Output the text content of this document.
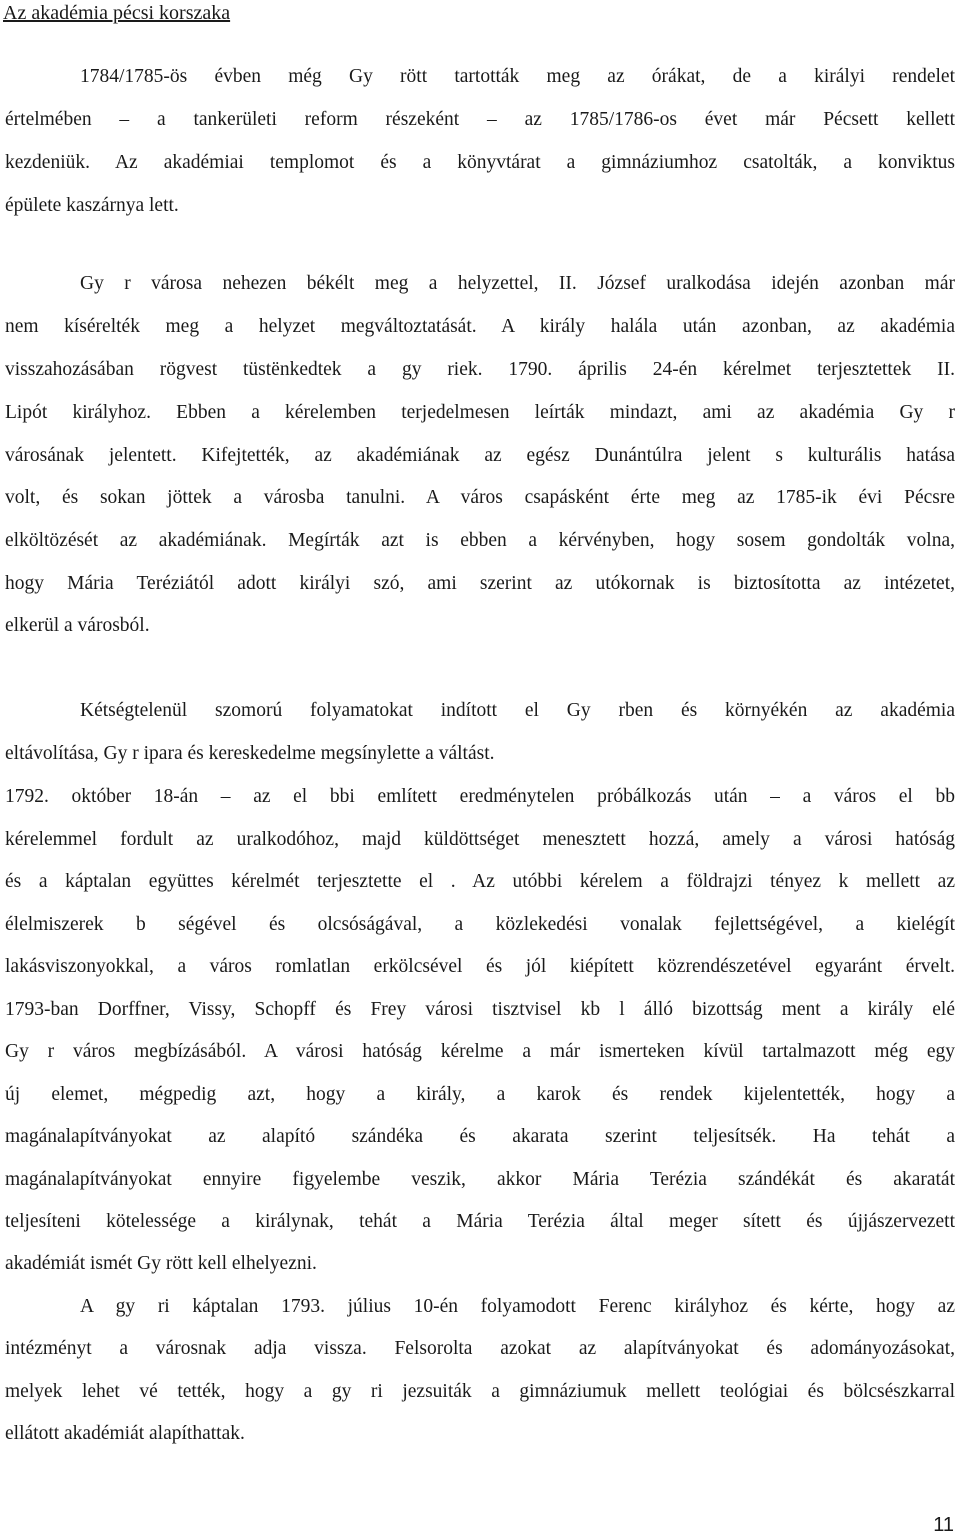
Az akadémia pécsi korszaka
1784/1785-ös évben még Gy rött tartották meg az órákat, de a királyi rendelet
értelmében – a tankerületi reform részeként – az 1785/1786-os évet már Pécsett kellett
kezdeniük. Az akadémiai templomot és a könyvtárat a gimnáziumhoz csatolták, a konviktus
épülete kaszárnya lett.
Gy r városa nehezen békélt meg a helyzettel, II. József uralkodása idején azonban már
nem kísérelték meg a helyzet megváltoztatását. A király halála után azonban, az akadémia
visszahozásában rögvest tüstënkedtek a gy riek. 1790. április 24-én kérelmet terjesztettek II.
Lipót királyhoz. Ebben a kérelemben terjedelmesen leírták mindazt, ami az akadémia Gy r
városának jelentett. Kifejtették, az akadémiának az egész Dunántúlra jelent s kulturális hatása
volt, és sokan jöttek a városba tanulni. A város csapásként érte meg az 1785-ik évi Pécsre
elköltözését az akadémiának. Megírták azt is ebben a kérvényben, hogy sosem gondolták volna,
hogy Mária Teréziától adott királyi szó, ami szerint az utókornak is biztosította az intézetet,
elkerül a városból.
Kétségtelenül szomorú folyamatokat indított el Gy rben és környékén az akadémia
eltávolítása, Gy r ipara és kereskedelme megsínylette a váltást.
1792. október 18-án – az el bbi említett eredménytelen próbálkozás után – a város el bb
kérelemmel fordult az uralkodóhoz, majd küldöttséget menesztett hozzá, amely a városi hatóság
és a káptalan együttes kérelmét terjesztette el . Az utóbbi kérelem a földrajzi tényez k mellett az
élelmiszerek b ségével és olcsóságával, a közlekedési vonalak fejlettségével, a kielégít
lakásviszonyokkal, a város romlatlan erkölcsével és jól kiépített közrendészetével egyaránt érvelt.
1793-ban Dorffner, Vissy, Schopff és Frey városi tisztvisel kb l álló bizottság ment a király elé
Gy r város megbízásából. A városi hatóság kérelme a már ismerteken kívül tartalmazott még egy
új elemet, mégpedig azt, hogy a király, a karok és rendek kijelentették, hogy a
magánalapítványokat az alapító szándéka és akarata szerint teljesítsék. Ha tehát a
magánalapítványokat ennyire figyelembe veszik, akkor Mária Terézia szándékát és akaratát
teljesíteni kötelessége a királynak, tehát a Mária Terézia által meger sített és újjászervezett
akadémiát ismét Gy rött kell elhelyezni.
A gy ri káptalan 1793. július 10-én folyamodott Ferenc királyhoz és kérte, hogy az
intézményt a városnak adja vissza. Felsorolta azokat az alapítványokat és adományozásokat,
melyek lehet vé tették, hogy a gy ri jezsuiták a gimnáziumuk mellett teológiai és bölcsészkarral
ellátott akadémiát alapíthattak.
11
